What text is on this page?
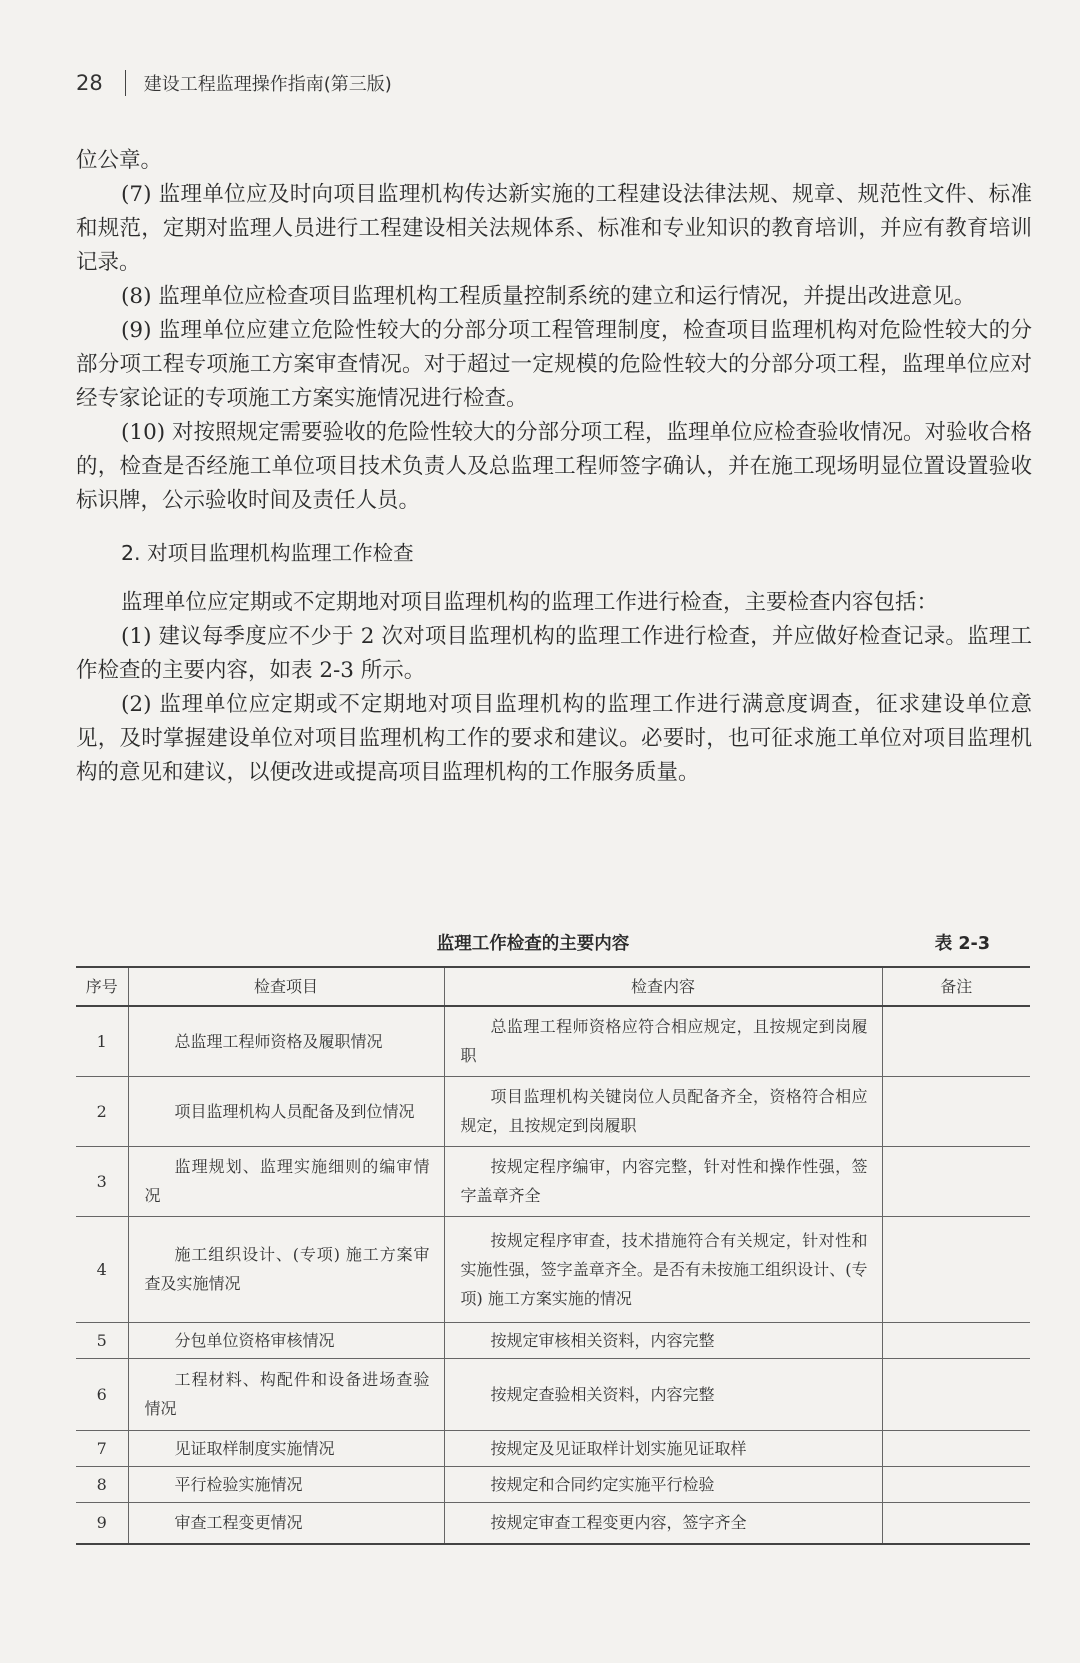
28 建设工程监理操作指南(第三版)

位公章。

(7) 监理单位应及时向项目监理机构传达新实施的工程建设法律法规、规章、规范性文件、标准和规范，定期对监理人员进行工程建设相关法规体系、标准和专业知识的教育培训，并应有教育培训记录。

(8) 监理单位应检查项目监理机构工程质量控制系统的建立和运行情况，并提出改进意见。

(9) 监理单位应建立危险性较大的分部分项工程管理制度，检查项目监理机构对危险性较大的分部分项工程专项施工方案审查情况。对于超过一定规模的危险性较大的分部分项工程，监理单位应对经专家论证的专项施工方案实施情况进行检查。

(10) 对按照规定需要验收的危险性较大的分部分项工程，监理单位应检查验收情况。对验收合格的，检查是否经施工单位项目技术负责人及总监理工程师签字确认，并在施工现场明显位置设置验收标识牌，公示验收时间及责任人员。

2. 对项目监理机构监理工作检查

监理单位应定期或不定期地对项目监理机构的监理工作进行检查，主要检查内容包括：

(1) 建议每季度应不少于 2 次对项目监理机构的监理工作进行检查，并应做好检查记录。监理工作检查的主要内容，如表 2-3 所示。

(2) 监理单位应定期或不定期地对项目监理机构的监理工作进行满意度调查，征求建设单位意见，及时掌握建设单位对项目监理机构工作的要求和建议。必要时，也可征求施工单位对项目监理机构的意见和建议，以便改进或提高项目监理机构的工作服务质量。

监理工作检查的主要内容	表 2-3
序号	检查项目	检查内容	备注
1	总监理工程师资格及履职情况	总监理工程师资格应符合相应规定，且按规定到岗履职	
2	项目监理机构人员配备及到位情况	项目监理机构关键岗位人员配备齐全，资格符合相应规定，且按规定到岗履职	
3	监理规划、监理实施细则的编审情况	按规定程序编审，内容完整，针对性和操作性强，签字盖章齐全	
4	施工组织设计、(专项) 施工方案审查及实施情况	按规定程序审查，技术措施符合有关规定，针对性和实施性强，签字盖章齐全。是否有未按施工组织设计、(专项) 施工方案实施的情况	
5	分包单位资格审核情况	按规定审核相关资料，内容完整	
6	工程材料、构配件和设备进场查验情况	按规定查验相关资料，内容完整	
7	见证取样制度实施情况	按规定及见证取样计划实施见证取样	
8	平行检验实施情况	按规定和合同约定实施平行检验	
9	审查工程变更情况	按规定审查工程变更内容，签字齐全	
